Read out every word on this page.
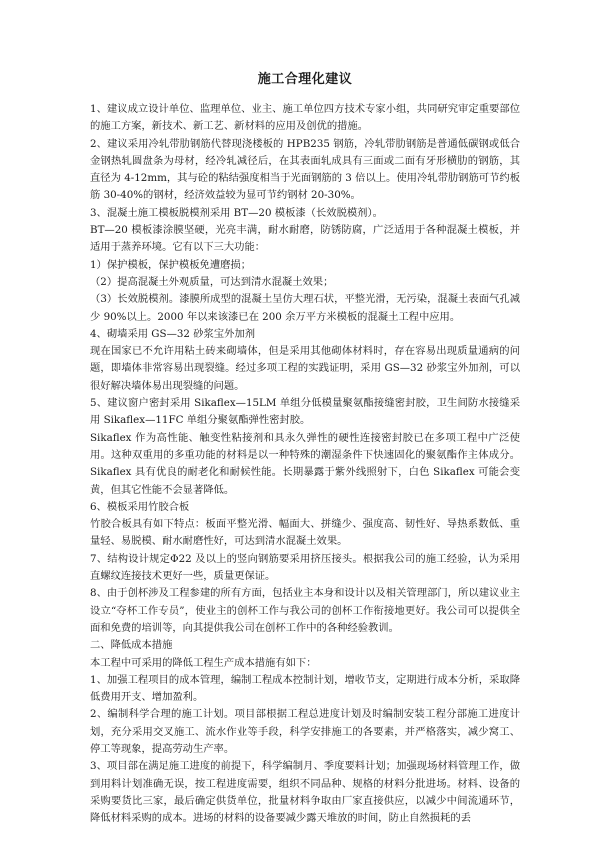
施工合理化建议

1、建议成立设计单位、监理单位、业主、施工单位四方技术专家小组，共同研究审定重要部位的施工方案，新技术、新工艺、新材料的应用及创优的措施。

2、建议采用冷轧带肋钢筋代替现浇楼板的 HPB235 钢筋，冷轧带肋钢筋是普通低碳钢或低合金钢热轧圆盘条为母材，经冷轧减径后，在其表面轧成具有三面或二面有牙形横肋的钢筋，其直径为 4-12mm，其与砼的粘结强度相当于光面钢筋的 3 倍以上。使用冷轧带肋钢筋可节约板筋 30-40%的钢材，经济效益较为显可节约钢材 20-30%。

3、混凝土施工模板脱模剂采用 BT—20 模板漆（长效脱模剂）。

BT—20 模板漆涂膜坚硬，光亮丰满，耐水耐磨，防锈防腐，广泛适用于各种混凝土模板，并适用于蒸养环境。它有以下三大功能：

1）保护模板，保护模板免遭磨损；

（2）提高混凝土外观质量，可达到清水混凝土效果；

（3）长效脱模剂。漆膜所成型的混凝土呈仿大理石状，平整光滑，无污染，混凝土表面气孔减少 90%以上。2000 年以来该漆已在 200 余万平方米模板的混凝土工程中应用。

4、砌墙采用 GS—32 砂浆宝外加剂

现在国家已不允许用粘土砖来砌墙体，但是采用其他砌体材料时，存在容易出现质量通病的问题，即墙体非常容易出现裂缝。经过多项工程的实践证明，采用 GS—32 砂浆宝外加剂，可以很好解决墙体易出现裂缝的问题。

5、建议窗户密封采用 Sikaflex—15LM 单组分低模量聚氨酯接缝密封胶，卫生间防水接缝采用 Sikaflex—11FC 单组分聚氨酯弹性密封胶。

Sikaflex 作为高性能、触变性粘接剂和具永久弹性的硬性连接密封胶已在多项工程中广泛使用。这种双重用的多重功能的材料是以一种特殊的潮湿条件下快速固化的聚氨酯作主体成分。Sikaflex 具有优良的耐老化和耐候性能。长期暴露于紫外线照射下，白色 Sikaflex 可能会变黄，但其它性能不会显著降低。

6、模板采用竹胶合板

竹胶合板具有如下特点：板面平整光滑、幅面大、拼缝少、强度高、韧性好、导热系数低、重量轻、易脱模、耐水耐磨性好，可达到清水混凝土效果。

7、结构设计规定Φ22 及以上的竖向钢筋要采用挤压接头。根据我公司的施工经验，认为采用直螺纹连接技术更好一些，质量更保证。

8、由于创杯涉及工程参建的所有方面，包括业主本身和设计以及相关管理部门，所以建议业主设立“夺杯工作专员”，使业主的创杯工作与我公司的创杯工作衔接地更好。我公司可以提供全面和免费的培训等，向其提供我公司在创杯工作中的各种经验教训。

二、降低成本措施

本工程中可采用的降低工程生产成本措施有如下：

1、加强工程项目的成本管理，编制工程成本控制计划，增收节支，定期进行成本分析，采取降低费用开支、增加盈利。

2、编制科学合理的施工计划。项目部根据工程总进度计划及时编制安装工程分部施工进度计划，充分采用交叉施工、流水作业等手段，科学安排施工的各要素，并严格落实，减少窝工、停工等现象，提高劳动生产率。

3、项目部在满足施工进度的前提下，科学编制月、季度要料计划；加强现场材料管理工作，做到用料计划准确无误，按工程进度需要，组织不同品种、规格的材料分批进场。材料、设备的采购要货比三家，最后确定供货单位，批量材料争取由厂家直接供应，以减少中间流通环节，降低材料采购的成本。进场的材料的设备要减少露天堆放的时间，防止自然损耗的丢
